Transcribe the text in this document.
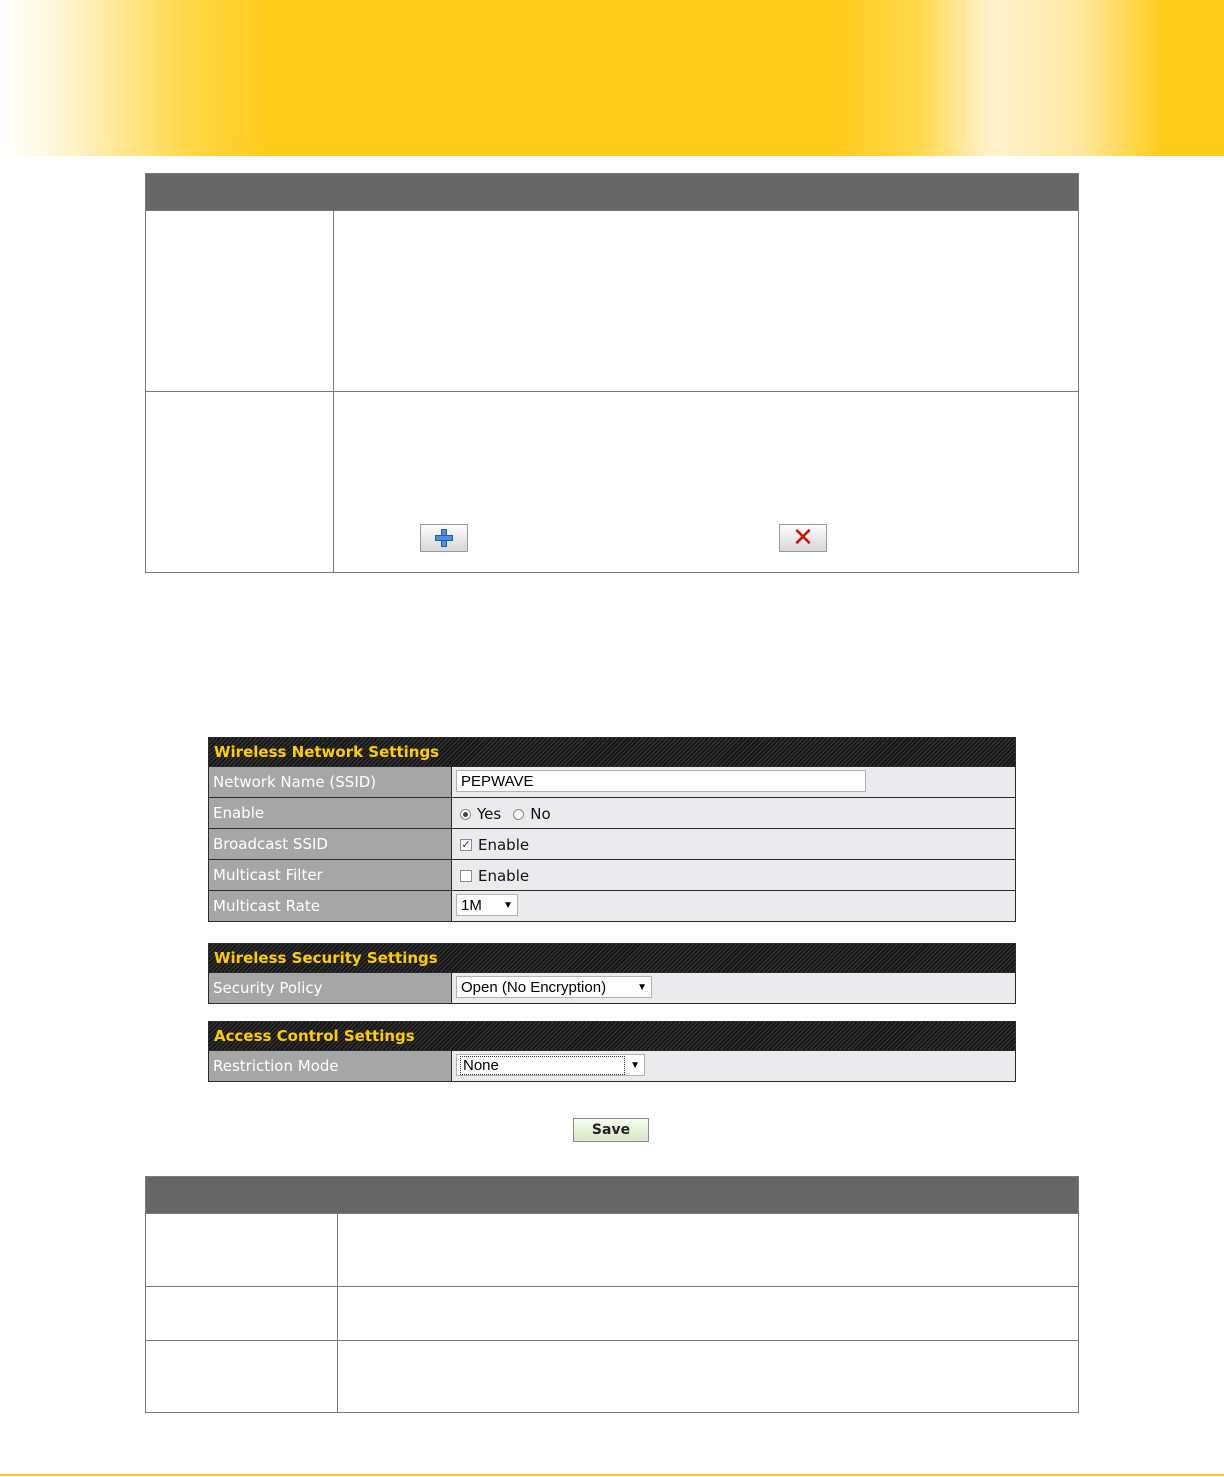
✕
Wireless Network Settings
Network Name (SSID)	PEPWAVE
Enable	Yes No
Broadcast SSID	✓ Enable
Multicast Filter	Enable
Multicast Rate	1M ▼
Wireless Security Settings
Security Policy	Open (No Encryption)	▼
Access Control Settings
Restriction Mode	None	▼
Save
